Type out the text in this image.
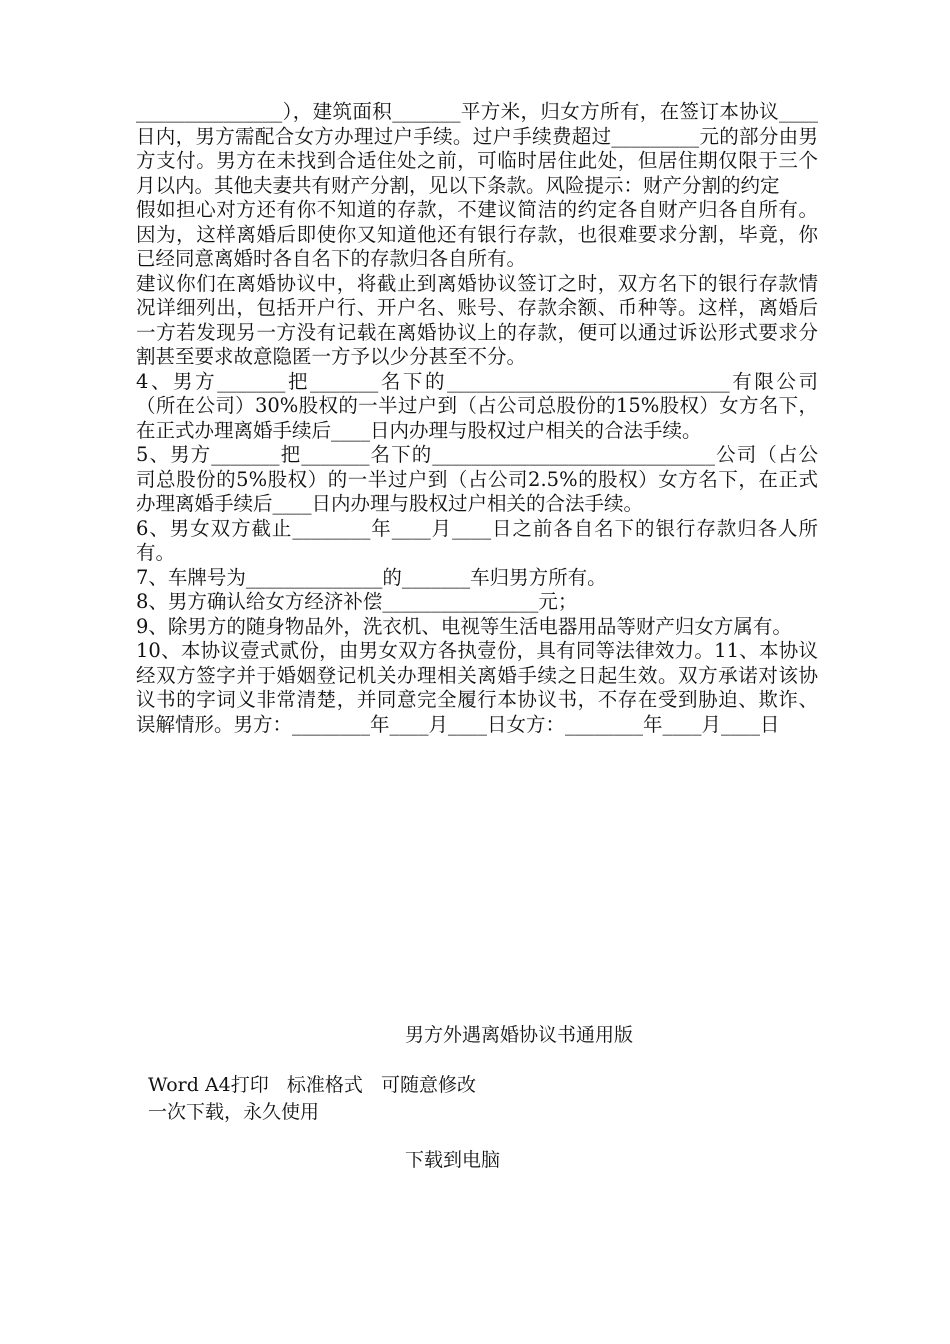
_______________），建筑面积_______平方米，归女方所有，在签订本协议____日内，男方需配合女方办理过户手续。过户手续费超过_________元的部分由男方支付。男方在未找到合适住处之前，可临时居住此处，但居住期仅限于三个月以内。其他夫妻共有财产分割，见以下条款。风险提示：财产分割的约定

假如担心对方还有你不知道的存款，不建议简洁的约定各自财产归各自所有。因为，这样离婚后即使你又知道他还有银行存款，也很难要求分割，毕竟，你已经同意离婚时各自名下的存款归各自所有。

建议你们在离婚协议中，将截止到离婚协议签订之时，双方名下的银行存款情况详细列出，包括开户行、开户名、账号、存款余额、币种等。这样，离婚后一方若发现另一方没有记载在离婚协议上的存款，便可以通过诉讼形式要求分割甚至要求故意隐匿一方予以少分甚至不分。

4、男方_______把_______名下的_____________________________有限公司（所在公司）30%股权的一半过户到（占公司总股份的15%股权）女方名下，在正式办理离婚手续后____日内办理与股权过户相关的合法手续。

5、男方_______把_______名下的_____________________________公司（占公司总股份的5%股权）的一半过户到（占公司2.5%的股权）女方名下，在正式办理离婚手续后____日内办理与股权过户相关的合法手续。

6、男女双方截止________年____月____日之前各自名下的银行存款归各人所有。

7、车牌号为______________的_______车归男方所有。

8、男方确认给女方经济补偿________________元；

9、除男方的随身物品外，洗衣机、电视等生活电器用品等财产归女方属有。

10、本协议壹式贰份，由男女双方各执壹份，具有同等法律效力。11、本协议经双方签字并于婚姻登记机关办理相关离婚手续之日起生效。双方承诺对该协议书的字词义非常清楚，并同意完全履行本协议书，不存在受到胁迫、欺诈、误解情形。男方：________年____月____日女方：________年____月____日

男方外遇离婚协议书通用版
Word A4打印   标准格式   可随意修改
一次下载，永久使用
下载到电脑
